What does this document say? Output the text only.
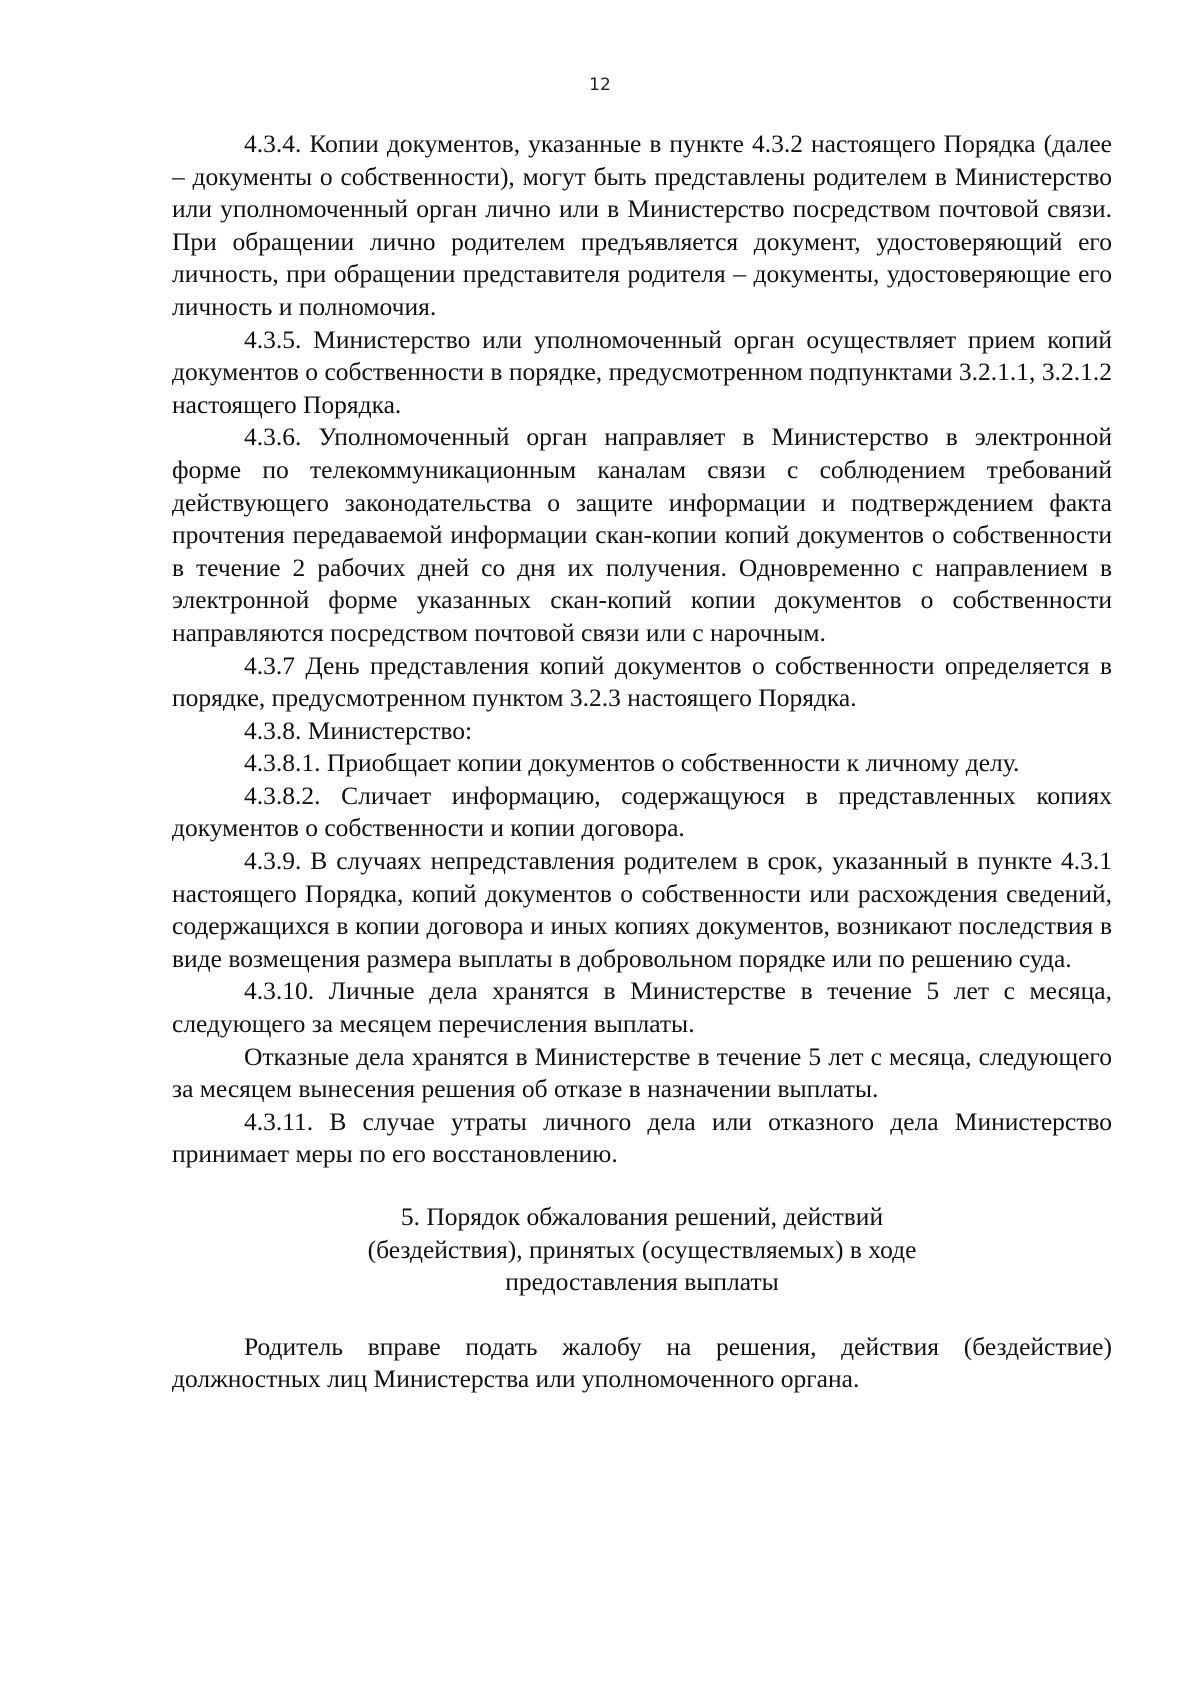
12

4.3.4. Копии документов, указанные в пункте 4.3.2 настоящего Порядка (далее – документы о собственности), могут быть представлены родителем в Министерство или уполномоченный орган лично или в Министерство посредством почтовой связи. При обращении лично родителем предъявляется документ, удостоверяющий его личность, при обращении представителя родителя – документы, удостоверяющие его личность и полномочия.

4.3.5. Министерство или уполномоченный орган осуществляет прием копий документов о собственности в порядке, предусмотренном подпунктами 3.2.1.1, 3.2.1.2 настоящего Порядка.

4.3.6. Уполномоченный орган направляет в Министерство в электронной форме по телекоммуникационным каналам связи с соблюдением требований действующего законодательства о защите информации и подтверждением факта прочтения передаваемой информации скан-копии копий документов о собственности в течение 2 рабочих дней со дня их получения. Одновременно с направлением в электронной форме указанных скан-копий копии документов о собственности направляются посредством почтовой связи или с нарочным.

4.3.7 День представления копий документов о собственности определяется в порядке, предусмотренном пунктом 3.2.3 настоящего Порядка.

4.3.8. Министерство:

4.3.8.1. Приобщает копии документов о собственности к личному делу.

4.3.8.2. Сличает информацию, содержащуюся в представленных копиях документов о собственности и копии договора.

4.3.9. В случаях непредставления родителем в срок, указанный в пункте 4.3.1 настоящего Порядка, копий документов о собственности или расхождения сведений, содержащихся в копии договора и иных копиях документов, возникают последствия в виде возмещения размера выплаты в добровольном порядке или по решению суда.

4.3.10. Личные дела хранятся в Министерстве в течение 5 лет с месяца, следующего за месяцем перечисления выплаты.

Отказные дела хранятся в Министерстве в течение 5 лет с месяца, следующего за месяцем вынесения решения об отказе в назначении выплаты.

4.3.11. В случае утраты личного дела или отказного дела Министерство принимает меры по его восстановлению.

5. Порядок обжалования решений, действий
(бездействия), принятых (осуществляемых) в ходе
предоставления выплаты

Родитель вправе подать жалобу на решения, действия (бездействие) должностных лиц Министерства или уполномоченного органа.
